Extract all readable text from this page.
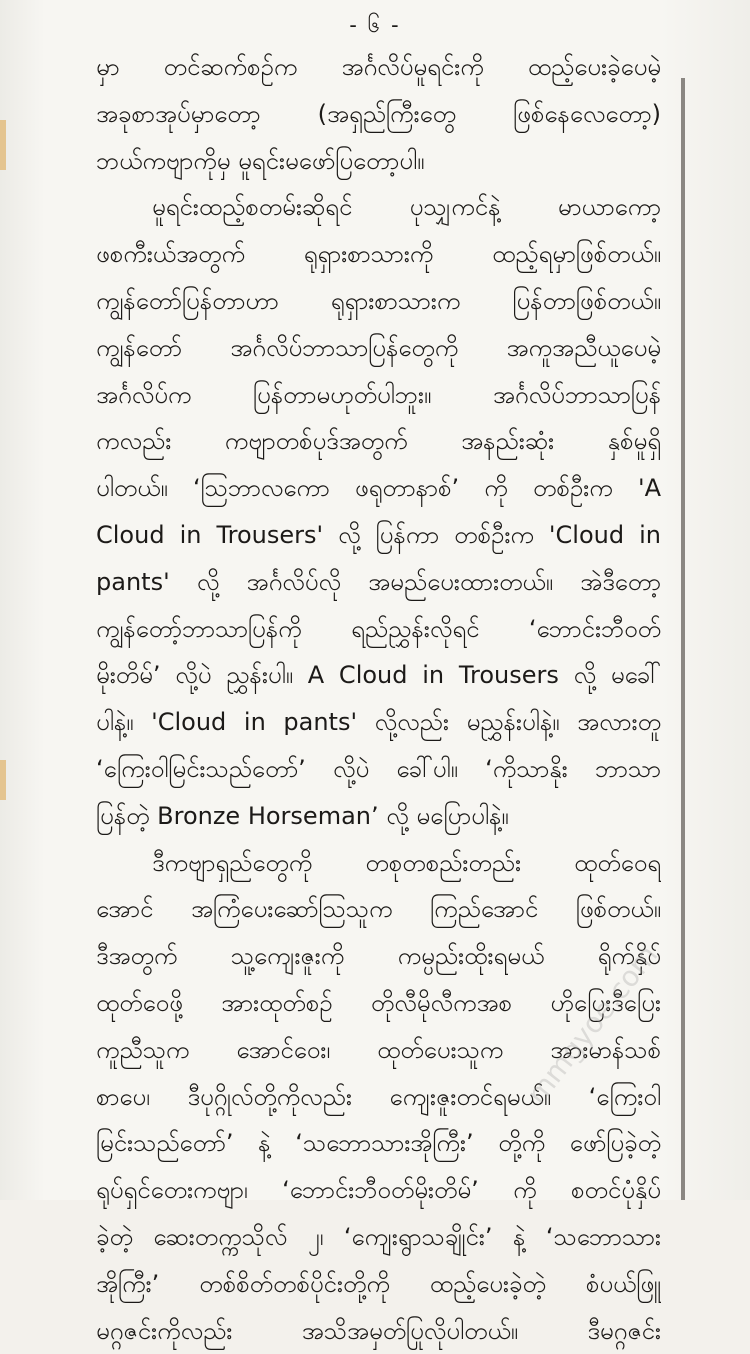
- ၆ -
မှာ တင်ဆက်စဉ်က အင်္ဂလိပ်မူရင်းကို ထည့်ပေးခဲ့ပေမဲ့
အခုစာအုပ်မှာတော့ (အရှည်ကြီးတွေ ဖြစ်နေလေတော့)
ဘယ်ကဗျာကိုမှ မူရင်းမဖော်ပြတော့ပါ။
မူရင်းထည့်စတမ်းဆိုရင် ပုသျှကင်နဲ့ မာယာကော့
ဖစကီးယ်အတွက် ရုရှားစာသားကို ထည့်ရမှာဖြစ်တယ်။
ကျွန်တော်ပြန်တာဟာ ရုရှားစာသားက ပြန်တာဖြစ်တယ်။
ကျွန်တော် အင်္ဂလိပ်ဘာသာပြန်တွေကို အကူအညီယူပေမဲ့
အင်္ဂလိပ်က ပြန်တာမဟုတ်ပါဘူး။ အင်္ဂလိပ်ဘာသာပြန်
ကလည်း ကဗျာတစ်ပုဒ်အတွက် အနည်းဆုံး နှစ်မူရှိ
ပါတယ်။ ‘သြဘာလကော ဖရုတာနာစ်’ ကို တစ်ဦးက 'A
Cloud in Trousers' လို့ ပြန်ကာ တစ်ဦးက 'Cloud in
pants' လို့ အင်္ဂလိပ်လို အမည်ပေးထားတယ်။ အဲဒီတော့
ကျွန်တော့်ဘာသာပြန်ကို ရည်ညွှန်းလိုရင် ‘ဘောင်းဘီဝတ်
မိုးတိမ်’ လို့ပဲ ညွှန်းပါ။ A Cloud in Trousers လို့ မခေါ်
ပါနဲ့။ 'Cloud in pants' လို့လည်း မညွှန်းပါနဲ့။ အလားတူ
‘ကြေးဝါမြင်းသည်တော်’ လို့ပဲ ခေါ်ပါ။ ‘ကိုသာနိုး ဘာသာ
ပြန်တဲ့ Bronze Horseman’ လို့ မပြောပါနဲ့။
ဒီကဗျာရှည်တွေကို တစုတစည်းတည်း ထုတ်ဝေရ
အောင် အကြံပေးဆော်သြသူက ကြည်အောင် ဖြစ်တယ်။
ဒီအတွက် သူ့ကျေးဇူးကို ကမ္ပည်းထိုးရမယ် ရိုက်နှိပ်
ထုတ်ဝေဖို့ အားထုတ်စဉ် တိုလီမိုလီကအစ ဟိုပြေးဒီပြေး
ကူညီသူက အောင်ဝေး၊ ထုတ်ပေးသူက အားမာန်သစ်
စာပေ၊ ဒီပုဂ္ဂိုလ်တို့ကိုလည်း ကျေးဇူးတင်ရမယ်။ ‘ကြေးဝါ
မြင်းသည်တော်’ နဲ့ ‘သဘောသားအိုကြီး’ တို့ကို ဖော်ပြခဲ့တဲ့
ရုပ်ရှင်တေးကဗျာ၊ ‘ဘောင်းဘီဝတ်မိုးတိမ်’ ကို စတင်ပုံနှိပ်
ခဲ့တဲ့ ဆေးတက္ကသိုလ် ၂၊ ‘ကျေးရွာသချိုင်း’ နဲ့ ‘သဘောသား
အိုကြီး’ တစ်စိတ်တစ်ပိုင်းတို့ကို ထည့်ပေးခဲ့တဲ့ စံပယ်ဖြူ
မဂ္ဂဇင်းကိုလည်း အသိအမှတ်ပြုလိုပါတယ်။ ဒီမဂ္ဂဇင်း
mmgyoe.com
